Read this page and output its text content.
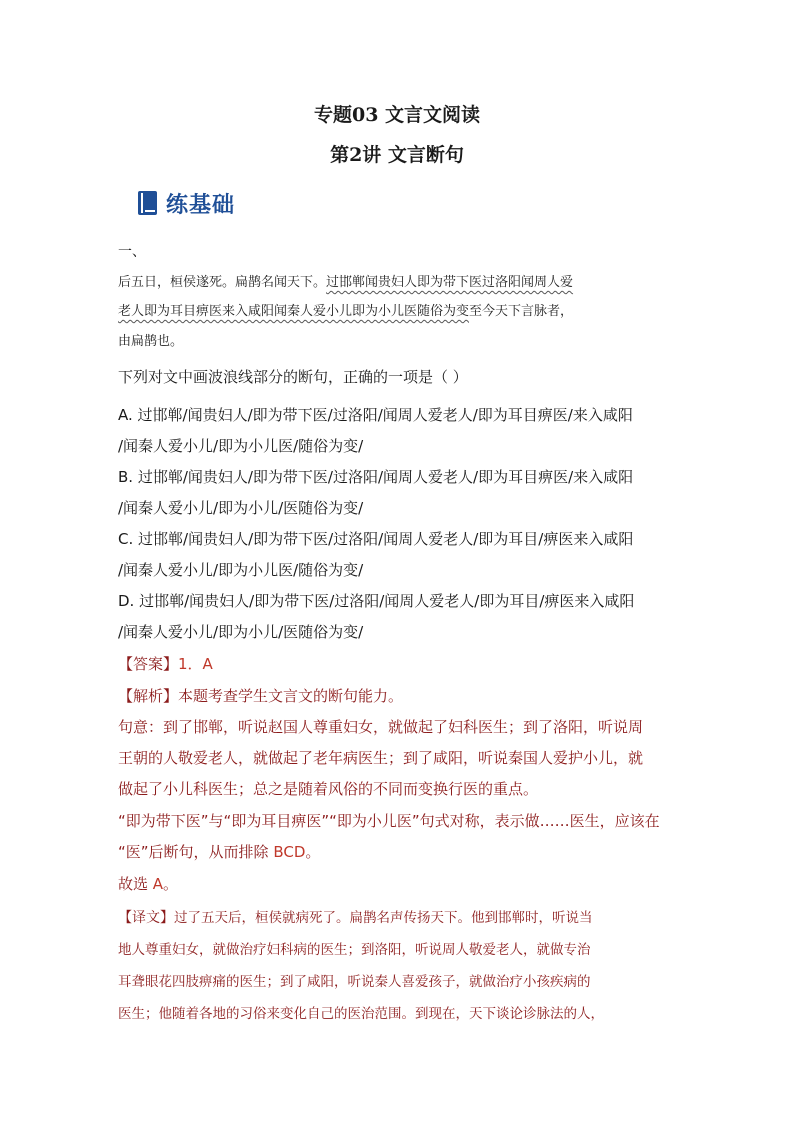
专题03 文言文阅读
第2讲 文言断句
练基础
一、
后五日，桓侯遂死。扁鹊名闻天下。过邯郸闻贵妇人即为带下医过洛阳闻周人爱
老人即为耳目痹医来入咸阳闻秦人爱小儿即为小儿医随俗为变至今天下言脉者，
由扁鹊也。
下列对文中画波浪线部分的断句，正确的一项是（ ）
A. 过邯郸/闻贵妇人/即为带下医/过洛阳/闻周人爱老人/即为耳目痹医/来入咸阳
/闻秦人爱小儿/即为小儿医/随俗为变/
B. 过邯郸/闻贵妇人/即为带下医/过洛阳/闻周人爱老人/即为耳目痹医/来入咸阳
/闻秦人爱小儿/即为小儿/医随俗为变/
C. 过邯郸/闻贵妇人/即为带下医/过洛阳/闻周人爱老人/即为耳目/痹医来入咸阳
/闻秦人爱小儿/即为小儿医/随俗为变/
D. 过邯郸/闻贵妇人/即为带下医/过洛阳/闻周人爱老人/即为耳目/痹医来入咸阳
/闻秦人爱小儿/即为小儿/医随俗为变/
【答案】1．A
【解析】本题考查学生文言文的断句能力。
句意：到了邯郸，听说赵国人尊重妇女，就做起了妇科医生；到了洛阳，听说周
王朝的人敬爱老人，就做起了老年病医生；到了咸阳，听说秦国人爱护小儿，就
做起了小儿科医生；总之是随着风俗的不同而变换行医的重点。
“即为带下医”与“即为耳目痹医”“即为小儿医”句式对称，表示做……医生，应该在
“医”后断句，从而排除 BCD。
故选 A。
【译文】过了五天后，桓侯就病死了。扁鹊名声传扬天下。他到邯郸时，听说当
地人尊重妇女，就做治疗妇科病的医生；到洛阳，听说周人敬爱老人，就做专治
耳聋眼花四肢痹痛的医生；到了咸阳，听说秦人喜爱孩子，就做治疗小孩疾病的
医生；他随着各地的习俗来变化自己的医治范围。到现在，天下谈论诊脉法的人，
